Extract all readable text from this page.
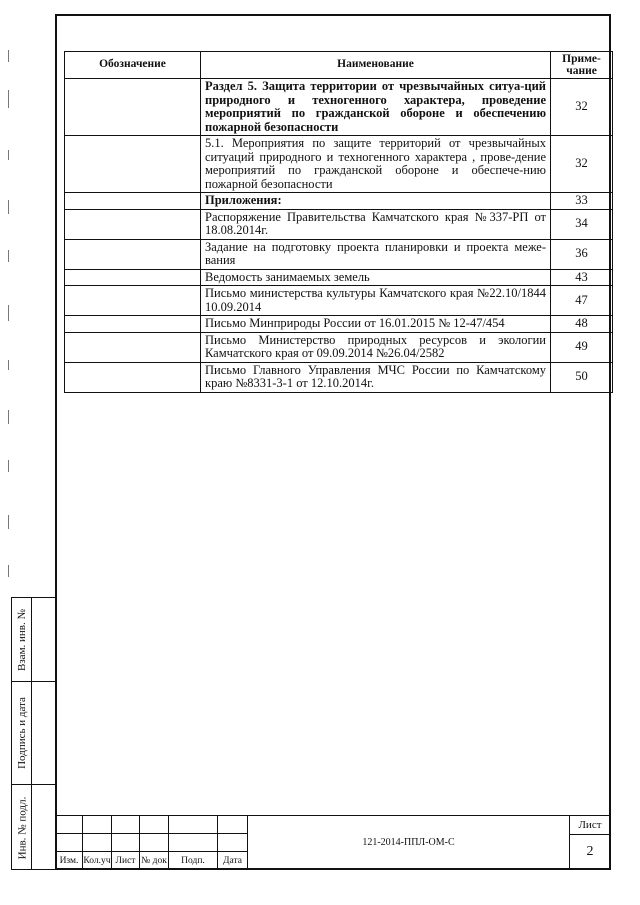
Взам. инв. №
Подпись и дата
Инв. № подл.
Обозначение	Наименование	Приме-
чание
	Раздел 5. Защита территории от чрезвычайных ситуа-ций природного и техногенного характера, проведение мероприятий по гражданской обороне и обеспечению пожарной безопасности	32
	5.1. Мероприятия по защите территорий от чрезвычайных ситуаций природного и техногенного характера , прове-дение мероприятий по гражданской обороне и обеспече-нию пожарной безопасности	32
	Приложения:	33
	Распоряжение Правительства Камчатского края №337-РП от 18.08.2014г.	34
	Задание на подготовку проекта планировки и проекта меже-вания	36
	Ведомость занимаемых земель	43
	Письмо министерства культуры Камчатского края №22.10/1844 10.09.2014	47
	Письмо Минприроды России от 16.01.2015 № 12-47/454	48
	Письмо Министерство природных ресурсов и экологии Камчатского края от 09.09.2014 №26.04/2582	49
	Письмо Главного Управления МЧС России по Камчатскому краю №8331-3-1 от 12.10.2014г.	50
Изм. Кол.уч Лист № док	Подп.	Дата
121-2014-ППЛ-ОМ-С
Лист
2
